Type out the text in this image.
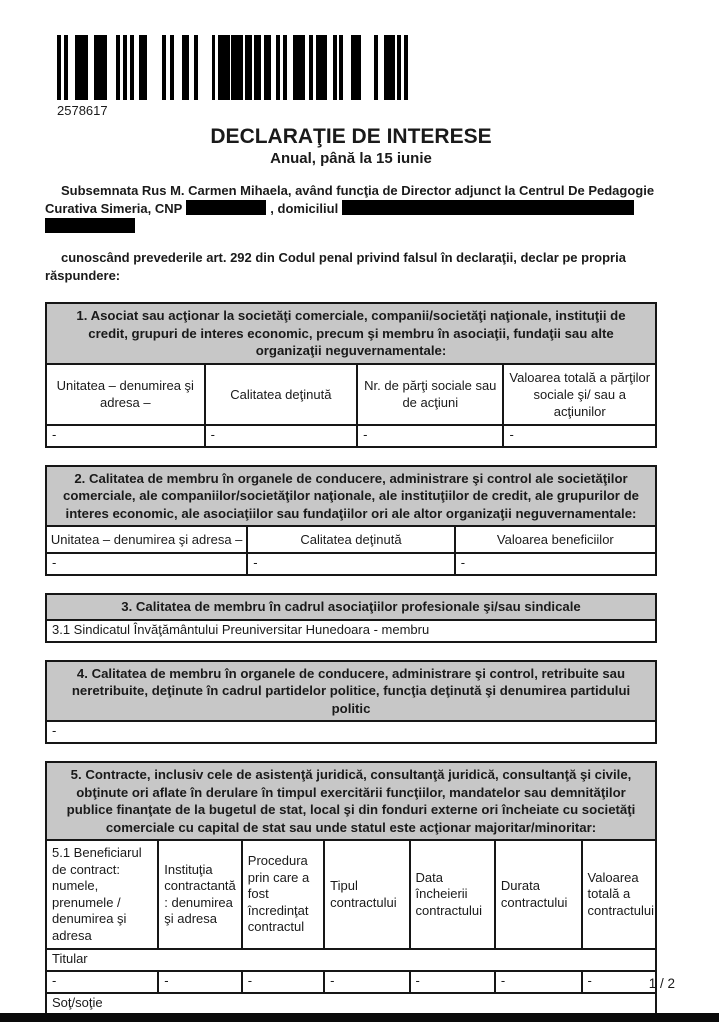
2578617
DECLARAŢIE DE INTERESE
Anual, până la 15 iunie
Subsemnata Rus M. Carmen Mihaela, având funcţia de Director adjunct la Centrul De Pedagogie
Curativa Simeria, CNP	, domiciliul
cunoscând prevederile art. 292 din Codul penal privind falsul în declaraţii, declar pe propria răspundere:
1. Asociat sau acţionar la societăţi comerciale, companii/societăţi naţionale, instituţii de credit, grupuri de interes economic, precum şi membru în asociaţii, fundaţii sau alte organizaţii neguvernamentale:			
Unitatea – denumirea şi adresa –	Calitatea deţinută	Nr. de părţi sociale sau de acţiuni	Valoarea totală a părţilor sociale şi/ sau a acţiunilor
-	-	-	-
2. Calitatea de membru în organele de conducere, administrare şi control ale societăţilor comerciale, ale companiilor/societăţilor naţionale, ale instituţiilor de credit, ale grupurilor de interes economic, ale asociaţiilor sau fundaţiilor ori ale altor organizaţii neguvernamentale:		
Unitatea – denumirea şi adresa –	Calitatea deţinută	Valoarea beneficiilor
-	-	-
3. Calitatea de membru în cadrul asociaţiilor profesionale şi/sau sindicale
3.1 Sindicatul Învăţământului Preuniversitar Hunedoara - membru
4. Calitatea de membru în organele de conducere, administrare şi control, retribuite sau neretribuite, deţinute în cadrul partidelor politice, funcţia deţinută şi denumirea partidului politic
-
5. Contracte, inclusiv cele de asistenţă juridică, consultanţă juridică, consultanţă şi civile, obţinute ori aflate în derulare în timpul exercitării funcţiilor, mandatelor sau demnităţilor publice finanţate de la bugetul de stat, local şi din fonduri externe ori încheiate cu societăţi comerciale cu capital de stat sau unde statul este acţionar majoritar/minoritar:						
5.1 Beneficiarul de contract: numele, prenumele / denumirea şi adresa	Instituţia contractantă : denumirea şi adresa	Procedura prin care a fost încredinţat contractul	Tipul contractului	Data încheierii contractului	Durata contractului	Valoarea totală a contractului
Titular						
-	-	-	-	-	-	-
Soţ/soţie						
1 / 2
